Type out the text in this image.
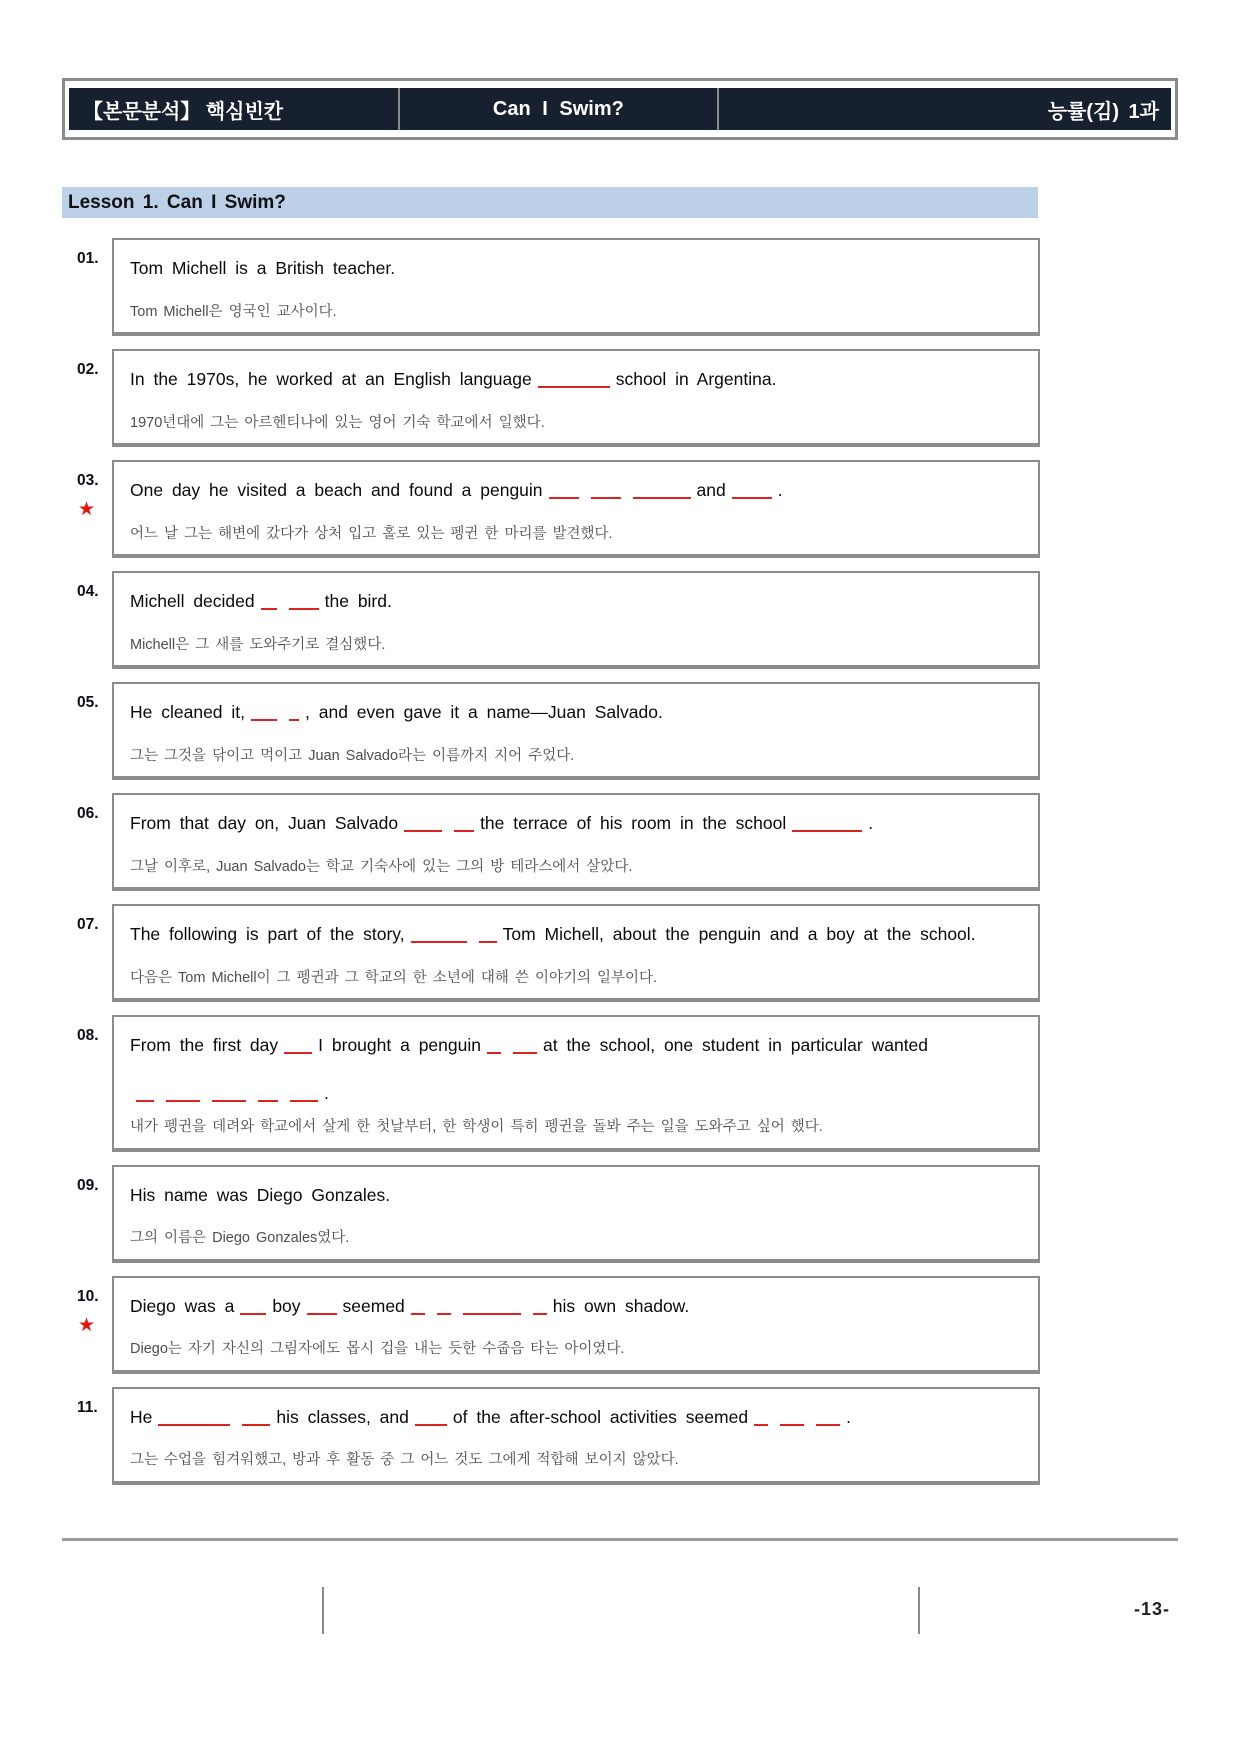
【본문분석】 핵심빈칸	Can I Swim?	능률(김) 1과
Lesson 1. Can I Swim?
01.	Tom Michell is a British teacher.
Tom Michell은 영국인 교사이다.
02.	In the 1970s, he worked at an English language	school in Argentina.
1970년대에 그는 아르헨티나에 있는 영어 기숙 학교에서 일했다.
03.
★
One day he visited a beach and found a penguin	and	.
어느 날 그는 해변에 갔다가 상처 입고 홀로 있는 펭귄 한 마리를 발견했다.
04.	Michell decided	the bird.
Michell은 그 새를 도와주기로 결심했다.
05.	He cleaned it,	, and even gave it a name—Juan Salvado.
그는 그것을 닦이고 먹이고 Juan Salvado라는 이름까지 지어 주었다.
06.	From that day on, Juan Salvado	the terrace of his room in the school	.
그날 이후로, Juan Salvado는 학교 기숙사에 있는 그의 방 테라스에서 살았다.
07.	The following is part of the story,	Tom Michell, about the penguin and a boy at the school.
다음은 Tom Michell이 그 펭귄과 그 학교의 한 소년에 대해 쓴 이야기의 일부이다.
08.	From the first day I brought a penguin	at the school, one student in particular wanted
.
내가 펭귄을 데려와 학교에서 살게 한 첫날부터, 한 학생이 특히 펭귄을 돌봐 주는 일을 도와주고 싶어 했다.
09.	His name was Diego Gonzales.
그의 이름은 Diego Gonzales였다.
10.
★
Diego was a boy seemed	his own shadow.
Diego는 자기 자신의 그림자에도 몹시 겁을 내는 듯한 수줍음 타는 아이였다.
11.	He	his classes, and	of the after-school activities seemed	.
그는 수업을 힘겨워했고, 방과 후 활동 중 그 어느 것도 그에게 적합해 보이지 않았다.
-13-
